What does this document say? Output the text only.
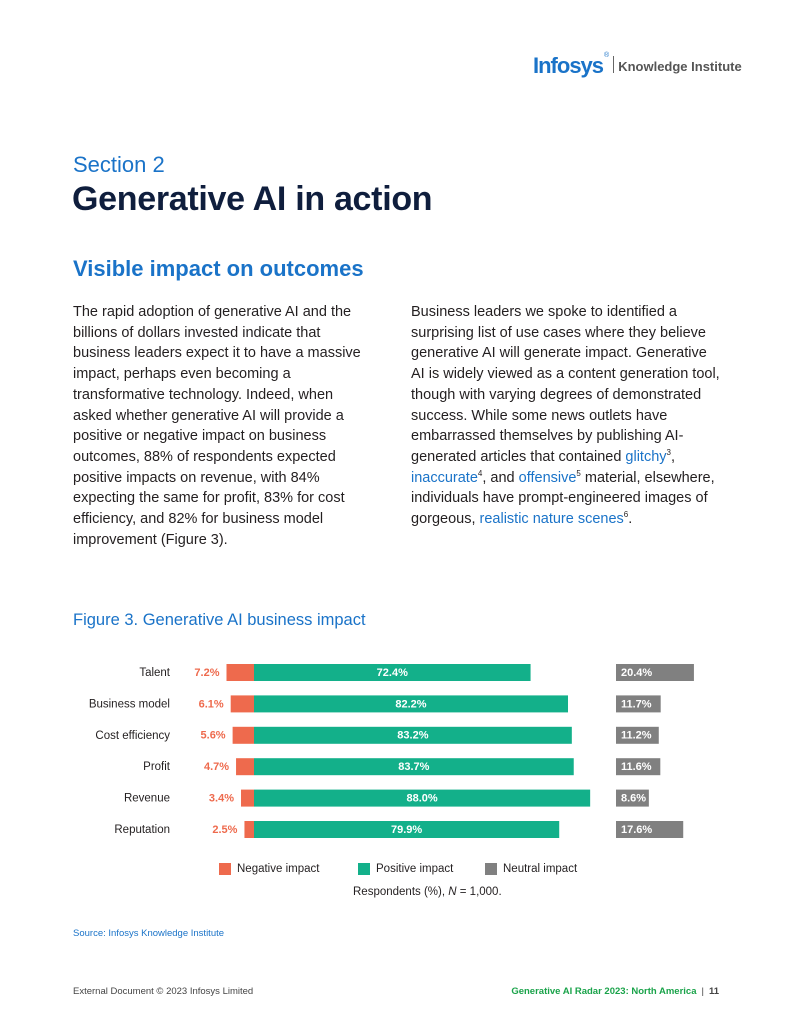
Infosys ®
Knowledge Institute
Section 2
Generative AI in action
Visible impact on outcomes

The rapid adoption of generative AI and the billions of dollars invested indicate that business leaders expect it to have a massive impact, perhaps even becoming a transformative technology. Indeed, when asked whether generative AI will provide a positive or negative impact on business outcomes, 88% of respondents expected positive impacts on revenue, with 84% expecting the same for profit, 83% for cost efficiency, and 82% for business model improvement (Figure 3).

Business leaders we spoke to identified a surprising list of use cases where they believe generative AI will generate impact. Generative AI is widely viewed as a content generation tool, though with varying degrees of demonstrated success. While some news outlets have embarrassed themselves by publishing AI-generated articles that contained glitchy$^3$, inaccurate$^4$, and offensive$^5$ material, elsewhere, individuals have prompt-engineered images of gorgeous, realistic nature scenes$^6$.

Figure 3. Generative AI business impact
Talent 7.2%	72.4%	20.4%
Business model	6.1%	82.2%	11.7%
Cost efficiency	5.6%	83.2%	11.2%
Profit	4.7%	83.7%	11.6%
Revenue	3.4%	88.0%	8.6%
Reputation	2.5%	79.9%	17.6%
Negative impact	Positive impact	Neutral impact
Respondents (%), N = 1,000.
Source: Infosys Knowledge Institute
External Document © 2023 Infosys Limited	Generative AI Radar 2023: North America | 11
